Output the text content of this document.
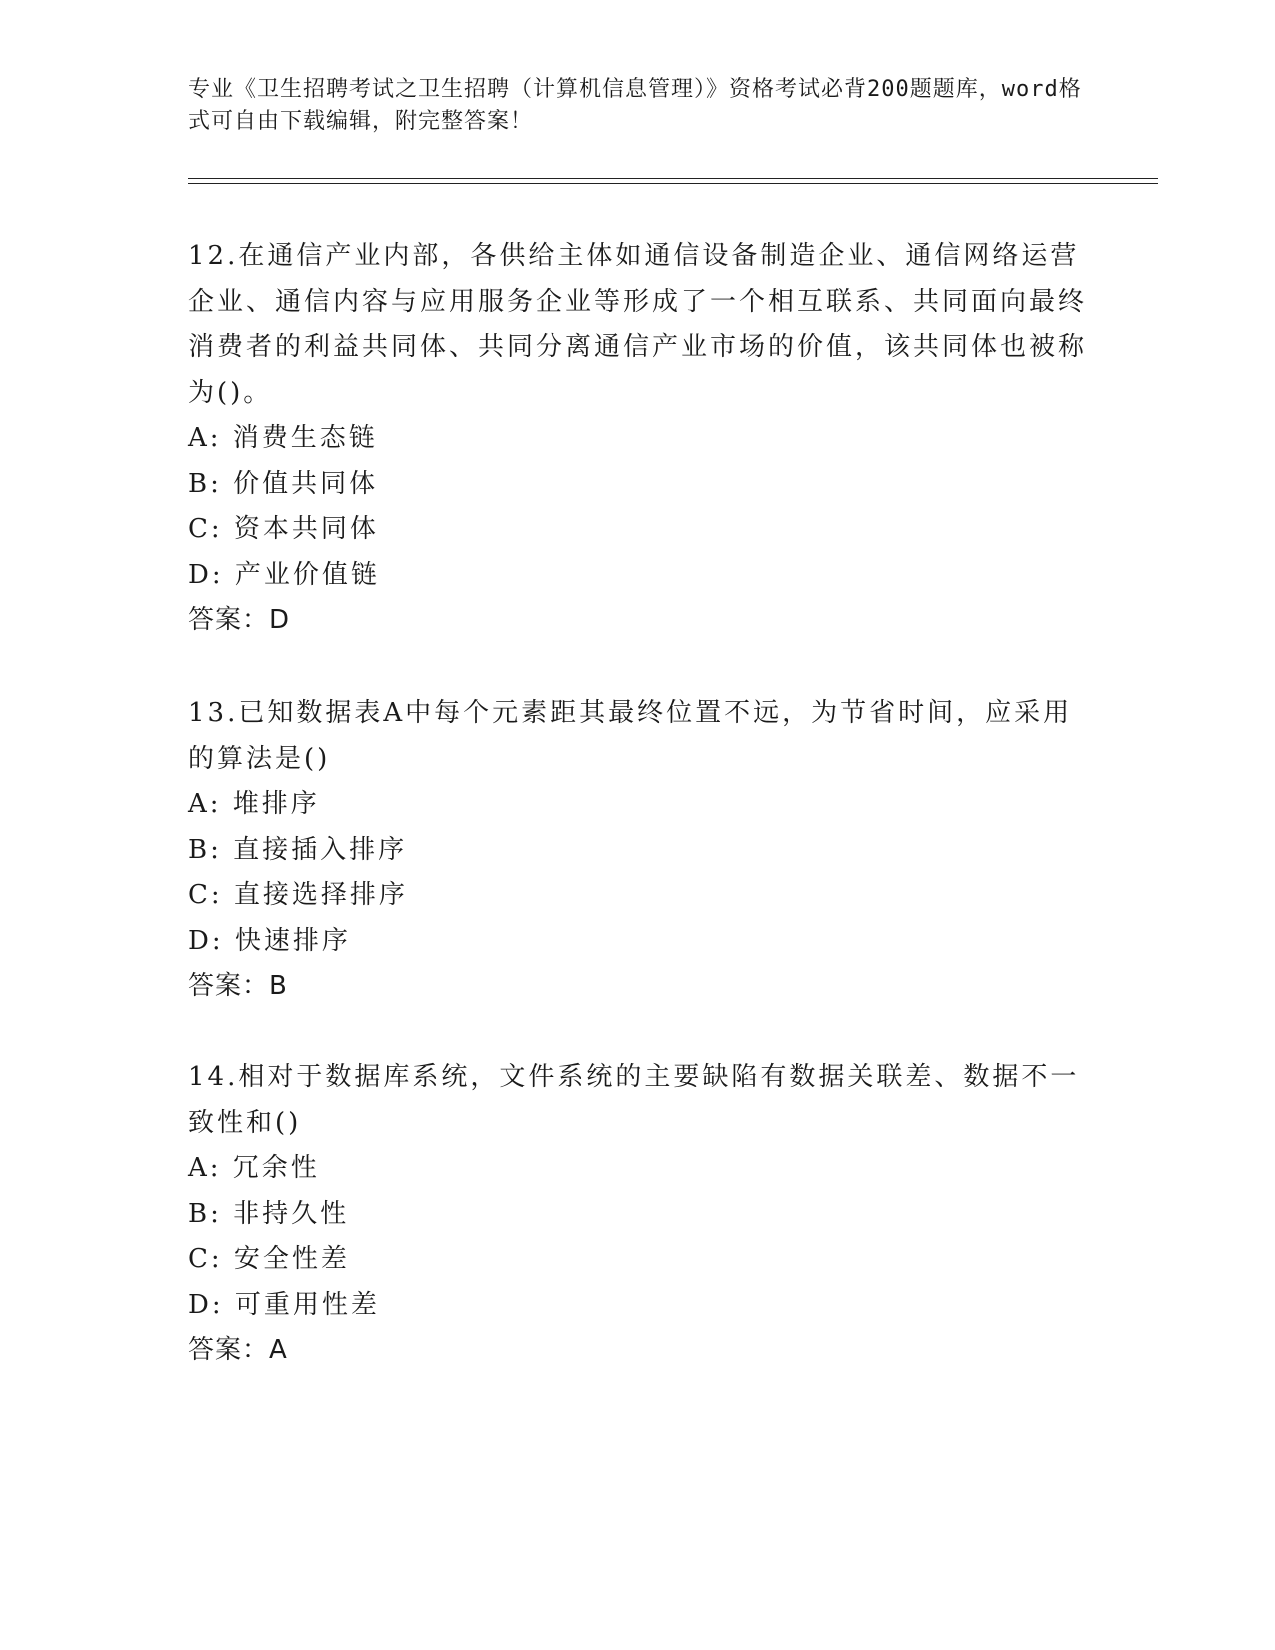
专业《卫生招聘考试之卫生招聘（计算机信息管理）》资格考试必背200题题库，word格式可自由下载编辑，附完整答案！

12.在通信产业内部，各供给主体如通信设备制造企业、通信网络运营企业、通信内容与应用服务企业等形成了一个相互联系、共同面向最终消费者的利益共同体、共同分离通信产业市场的价值，该共同体也被称为()。

A: 消费生态链

B: 价值共同体

C: 资本共同体

D: 产业价值链

答案：D

13.已知数据表A中每个元素距其最终位置不远，为节省时间，应采用的算法是()

A: 堆排序

B: 直接插入排序

C: 直接选择排序

D: 快速排序

答案：B

14.相对于数据库系统，文件系统的主要缺陷有数据关联差、数据不一致性和()

A: 冗余性

B: 非持久性

C: 安全性差

D: 可重用性差

答案：A
